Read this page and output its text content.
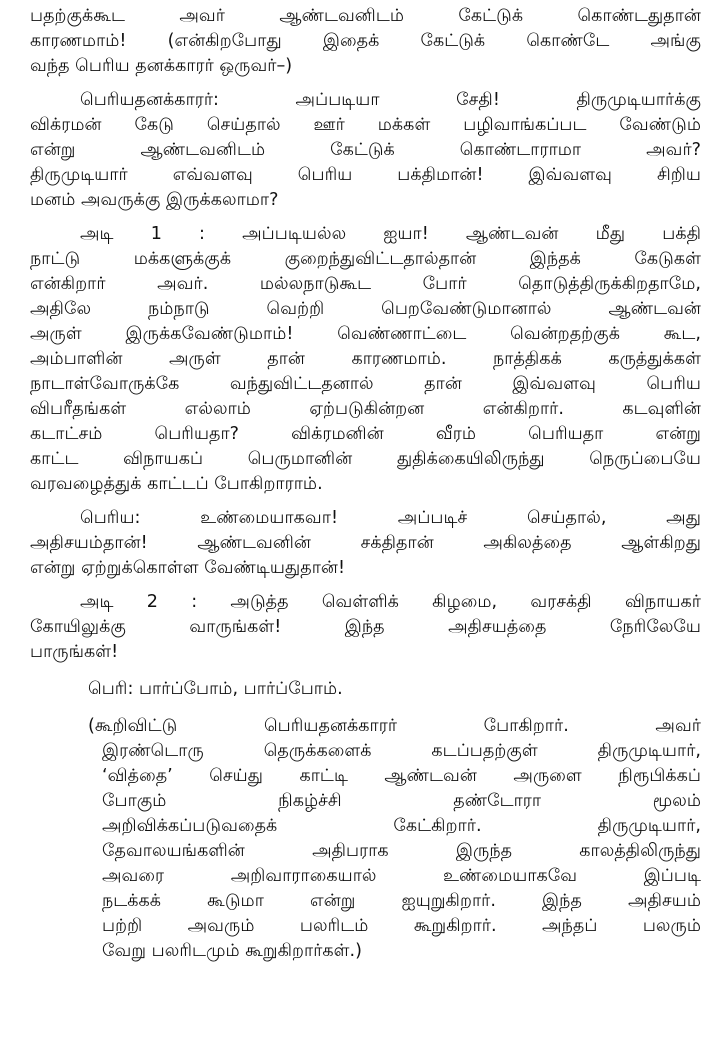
பதற்குக்கூட அவர் ஆண்டவனிடம் கேட்டுக் கொண்டதுதான்
காரணமாம்! (என்கிறபோது இதைக் கேட்டுக் கொண்டே அங்கு
வந்த பெரிய தனக்காரர் ஒருவர்–)
பெரியதனக்காரர்: அப்படியா சேதி! திருமுடியார்க்கு
விக்ரமன் கேடு செய்தால் ஊர் மக்கள் பழிவாங்கப்பட வேண்டும்
என்று ஆண்டவனிடம் கேட்டுக் கொண்டாராமா அவர்?
திருமுடியார் எவ்வளவு பெரிய பக்திமான்! இவ்வளவு சிறிய
மனம் அவருக்கு இருக்கலாமா?
அடி 1 : அப்படியல்ல ஐயா! ஆண்டவன் மீது பக்தி
நாட்டு மக்களுக்குக் குறைந்துவிட்டதால்தான் இந்தக் கேடுகள்
என்கிறார் அவர். மல்லநாடுகூட போர் தொடுத்திருக்கிறதாமே,
அதிலே நம்நாடு வெற்றி பெறவேண்டுமானால் ஆண்டவன்
அருள் இருக்கவேண்டுமாம்! வெண்ணாட்டை வென்றதற்குக் கூட,
அம்பாளின் அருள் தான் காரணமாம். நாத்திகக் கருத்துக்கள்
நாடாள்வோருக்கே வந்துவிட்டதனால் தான் இவ்வளவு பெரிய
விபரீதங்கள் எல்லாம் ஏற்படுகின்றன என்கிறார். கடவுளின்
கடாட்சம் பெரியதா? விக்ரமனின் வீரம் பெரியதா என்று
காட்ட விநாயகப் பெருமானின் துதிக்கையிலிருந்து நெருப்பையே
வரவழைத்துக் காட்டப் போகிறாராம்.
பெரிய: உண்மையாகவா! அப்படிச் செய்தால், அது
அதிசயம்தான்! ஆண்டவனின் சக்திதான் அகிலத்தை ஆள்கிறது
என்று ஏற்றுக்கொள்ள வேண்டியதுதான்!
அடி 2 : அடுத்த வெள்ளிக் கிழமை, வரசக்தி விநாயகர்
கோயிலுக்கு வாருங்கள்! இந்த அதிசயத்தை நேரிலேயே
பாருங்கள்!
பெரி: பார்ப்போம், பார்ப்போம்.
(கூறிவிட்டு பெரியதனக்காரர் போகிறார். அவர்
இரண்டொரு தெருக்களைக் கடப்பதற்குள் திருமுடியார்,
‘வித்தை’ செய்து காட்டி ஆண்டவன் அருளை நிரூபிக்கப்
போகும் நிகழ்ச்சி தண்டோரா மூலம்
அறிவிக்கப்படுவதைக் கேட்கிறார். திருமுடியார்,
தேவாலயங்களின் அதிபராக இருந்த காலத்திலிருந்து
அவரை அறிவாராகையால் உண்மையாகவே இப்படி
நடக்கக் கூடுமா என்று ஐயுறுகிறார். இந்த அதிசயம்
பற்றி அவரும் பலரிடம் கூறுகிறார். அந்தப் பலரும்
வேறு பலரிடமும் கூறுகிறார்கள்.)
